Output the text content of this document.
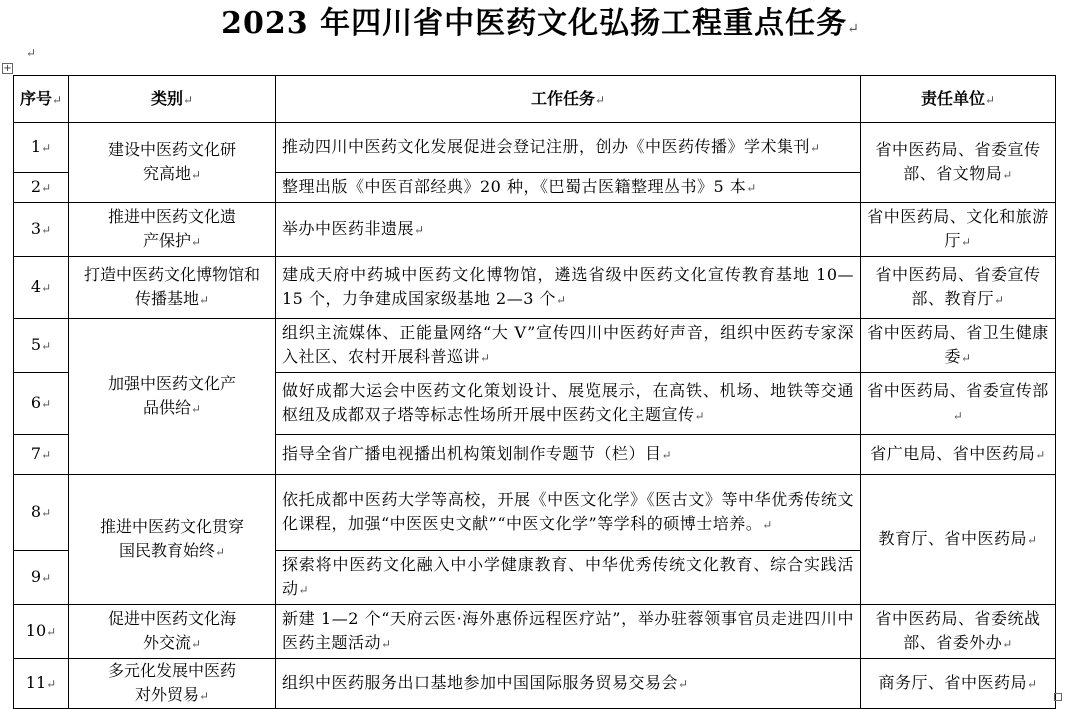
2023 年四川省中医药文化弘扬工程重点任务↵
↵
+
序号↵	类别↵	工作任务↵	责任单位↵
1↵	建设中医药文化研究高地↵	推动四川中医药文化发展促进会登记注册，创办《中医药传播》学术集刊↵	省中医药局、省委宣传部、省文物局↵
2↵		整理出版《中医百部经典》20 种，《巴蜀古医籍整理丛书》5 本↵	
3↵	推进中医药文化遗产保护↵	举办中医药非遗展↵	省中医药局、文化和旅游厅↵
4↵	打造中医药文化博物馆和传播基地↵	建成天府中药城中医药文化博物馆，遴选省级中医药文化宣传教育基地 10—15 个，力争建成国家级基地 2—3 个↵	省中医药局、省委宣传部、教育厅↵
5↵	加强中医药文化产品供给↵	组织主流媒体、正能量网络“大 V”宣传四川中医药好声音，组织中医药专家深入社区、农村开展科普巡讲↵	省中医药局、省卫生健康委↵
6↵		做好成都大运会中医药文化策划设计、展览展示，在高铁、机场、地铁等交通枢纽及成都双子塔等标志性场所开展中医药文化主题宣传↵	省中医药局、省委宣传部↵
7↵		指导全省广播电视播出机构策划制作专题节（栏）目↵	省广电局、省中医药局↵
8↵	推进中医药文化贯穿国民教育始终↵	依托成都中医药大学等高校，开展《中医文化学》《医古文》等中华优秀传统文化课程，加强“中医医史文献”“中医文化学”等学科的硕博士培养。↵	教育厅、省中医药局↵
9↵		探索将中医药文化融入中小学健康教育、中华优秀传统文化教育、综合实践活动↵	
10↵	促进中医药文化海外交流↵	新建 1—2 个“天府云医·海外惠侨远程医疗站”，举办驻蓉领事官员走进四川中医药主题活动↵	省中医药局、省委统战部、省委外办↵
11↵	多元化发展中医药对外贸易↵	组织中医药服务出口基地参加中国国际服务贸易交易会↵	商务厅、省中医药局↵
